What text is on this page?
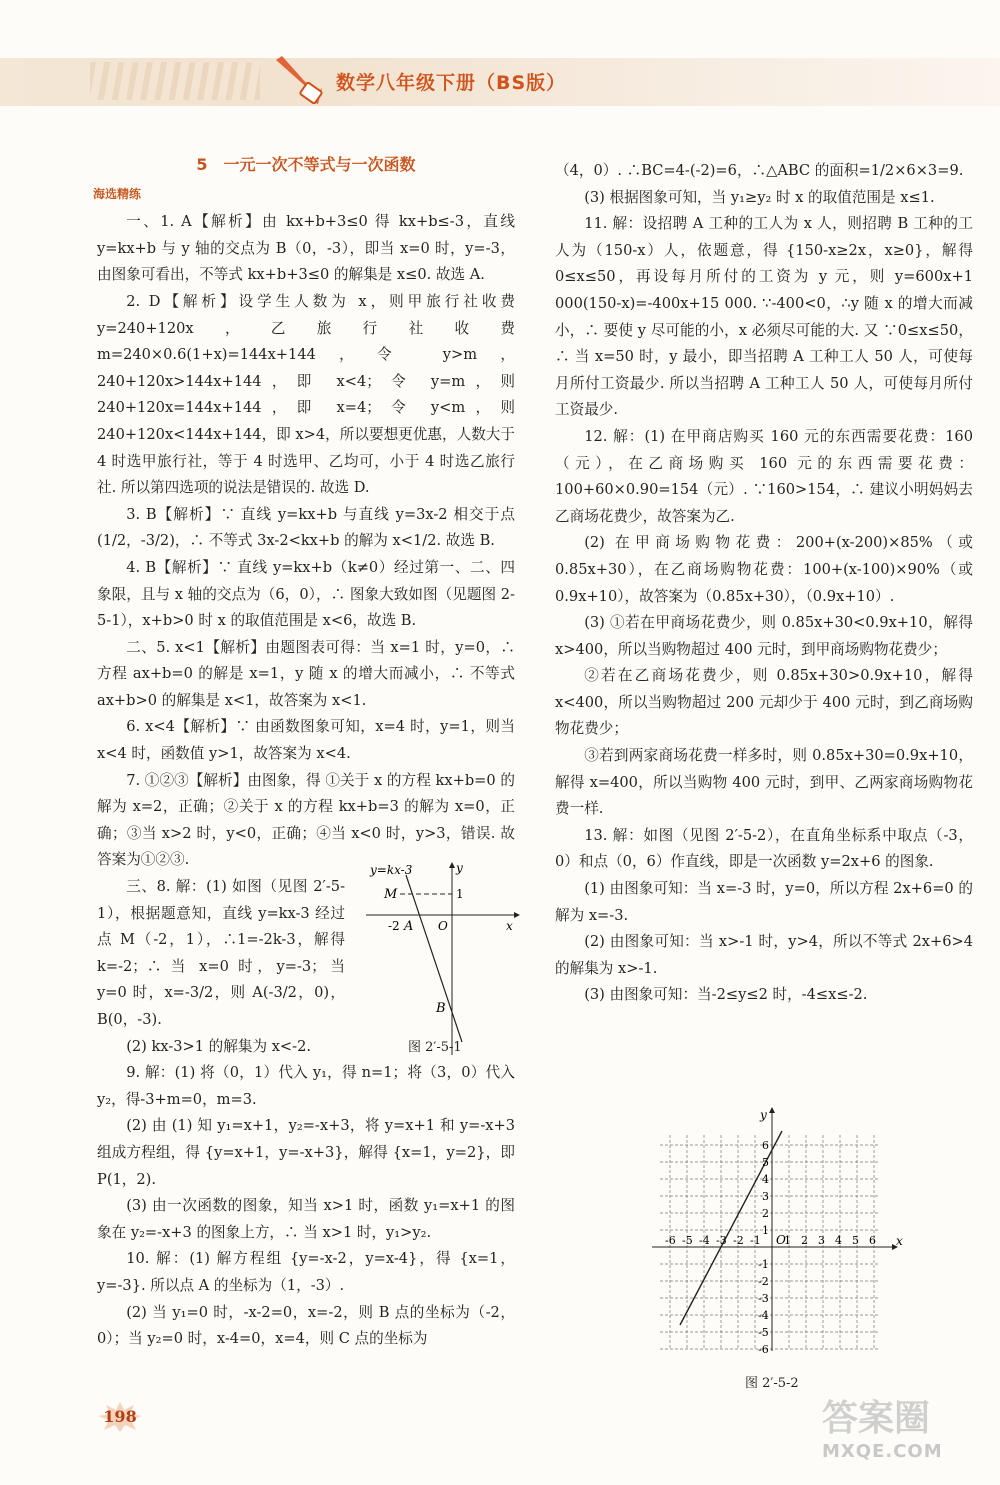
数学八年级下册（BS版）
5　一元一次不等式与一次函数
海选精练

一、1. A【解析】由 kx+b+3≤0 得 kx+b≤-3，直线 y=kx+b 与 y 轴的交点为 B（0，-3），即当 x=0 时，y=-3，由图象可看出，不等式 kx+b+3≤0 的解集是 x≤0. 故选 A.

2. D【解析】设学生人数为 x，则甲旅行社收费 y=240+120x，乙旅行社收费 m=240×0.6(1+x)=144x+144，令 y>m，240+120x>144x+144，即 x<4；令 y=m，则 240+120x=144x+144，即 x=4；令 y<m，则 240+120x<144x+144，即 x>4，所以要想更优惠，人数大于 4 时选甲旅行社，等于 4 时选甲、乙均可，小于 4 时选乙旅行社. 所以第四选项的说法是错误的. 故选 D.

3. B【解析】∵ 直线 y=kx+b 与直线 y=3x-2 相交于点 (1/2，-3/2)，∴ 不等式 3x-2<kx+b 的解为 x<1/2. 故选 B.

4. B【解析】∵ 直线 y=kx+b（k≠0）经过第一、二、四象限，且与 x 轴的交点为（6，0），∴ 图象大致如图（见题图 2-5-1），x+b>0 时 x 的取值范围是 x<6，故选 B.

二、5. x<1【解析】由题图表可得：当 x=1 时，y=0，∴ 方程 ax+b=0 的解是 x=1，y 随 x 的增大而减小，∴ 不等式 ax+b>0 的解集是 x<1，故答案为 x<1.

6. x<4【解析】∵ 由函数图象可知，x=4 时，y=1，则当 x<4 时，函数值 y>1，故答案为 x<4.

7. ①②③【解析】由图象，得 ①关于 x 的方程 kx+b=0 的解为 x=2，正确；②关于 x 的方程 kx+b=3 的解为 x=0，正确；③当 x>2 时，y<0，正确；④当 x<0 时，y>3，错误. 故答案为①②③.

三、8. 解：(1) 如图（见图 2′-5-1），根据题意知，直线 y=kx-3 经过点 M（-2，1），∴1=-2k-3，解得 k=-2；∴ 当 x=0 时，y=-3；当 y=0 时，x=-3/2，则 A(-3/2，0)，B(0，-3).

(2) kx-3>1 的解集为 x<-2.

9. 解：(1) 将（0，1）代入 y₁，得 n=1；将（3，0）代入 y₂，得-3+m=0，m=3.

(2) 由 (1) 知 y₁=x+1，y₂=-x+3，将 y=x+1 和 y=-x+3 组成方程组，得 {y=x+1，y=-x+3}，解得 {x=1，y=2}，即 P(1，2).

(3) 由一次函数的图象，知当 x>1 时，函数 y₁=x+1 的图象在 y₂=-x+3 的图象上方，∴ 当 x>1 时，y₁>y₂.

10. 解：(1) 解方程组 {y=-x-2，y=x-4}，得 {x=1，y=-3}. 所以点 A 的坐标为（1，-3）.

(2) 当 y₁=0 时，-x-2=0，x=-2，则 B 点的坐标为（-2，0）；当 y₂=0 时，x-4=0，x=4，则 C 点的坐标为

y=kx-3	y
x
M	1
-2 A O
B
图 2′-5-1

（4，0）. ∴BC=4-(-2)=6，∴△ABC 的面积=1/2×6×3=9.

(3) 根据图象可知，当 y₁≥y₂ 时 x 的取值范围是 x≤1.

11. 解：设招聘 A 工种的工人为 x 人，则招聘 B 工种的工人为（150-x）人，依题意，得 {150-x≥2x，x≥0}，解得 0≤x≤50，再设每月所付的工资为 y 元，则 y=600x+1 000(150-x)=-400x+15 000. ∵-400<0，∴y 随 x 的增大而减小，∴ 要使 y 尽可能的小，x 必须尽可能的大. 又 ∵0≤x≤50，∴ 当 x=50 时，y 最小，即当招聘 A 工种工人 50 人，可使每月所付工资最少. 所以当招聘 A 工种工人 50 人，可使每月所付工资最少.

12. 解：(1) 在甲商店购买 160 元的东西需要花费：160（元），在乙商场购买 160 元的东西需要花费：100+60×0.90=154（元）. ∵160>154，∴ 建议小明妈妈去乙商场花费少，故答案为乙.

(2) 在甲商场购物花费：200+(x-200)×85%（或0.85x+30），在乙商场购物花费：100+(x-100)×90%（或 0.9x+10），故答案为（0.85x+30），（0.9x+10）.

(3) ①若在甲商场花费少，则 0.85x+30<0.9x+10，解得 x>400，所以当购物超过 400 元时，到甲商场购物花费少；

②若在乙商场花费少，则 0.85x+30>0.9x+10，解得 x<400，所以当购物超过 200 元却少于 400 元时，到乙商场购物花费少；

③若到两家商场花费一样多时，则 0.85x+30=0.9x+10，解得 x=400，所以当购物 400 元时，到甲、乙两家商场购物花费一样.

13. 解：如图（见图 2′-5-2），在直角坐标系中取点（-3，0）和点（0，6）作直线，即是一次函数 y=2x+6 的图象.

(1) 由图象可知：当 x=-3 时，y=0，所以方程 2x+6=0 的解为 x=-3.

(2) 由图象可知：当 x>-1 时，y>4，所以不等式 2x+6>4 的解集为 x>-1.

(3) 由图象可知：当-2≤y≤2 时，-4≤x≤-2.

-6 -5 -4 -3 -2 -1 1 2 3 4 5 6
6
5
4
3
2
1
-1
-2
-3
-4
-5
-6
x
y
O
图 2′-5-2
198	答案圈
MXQE.COM
